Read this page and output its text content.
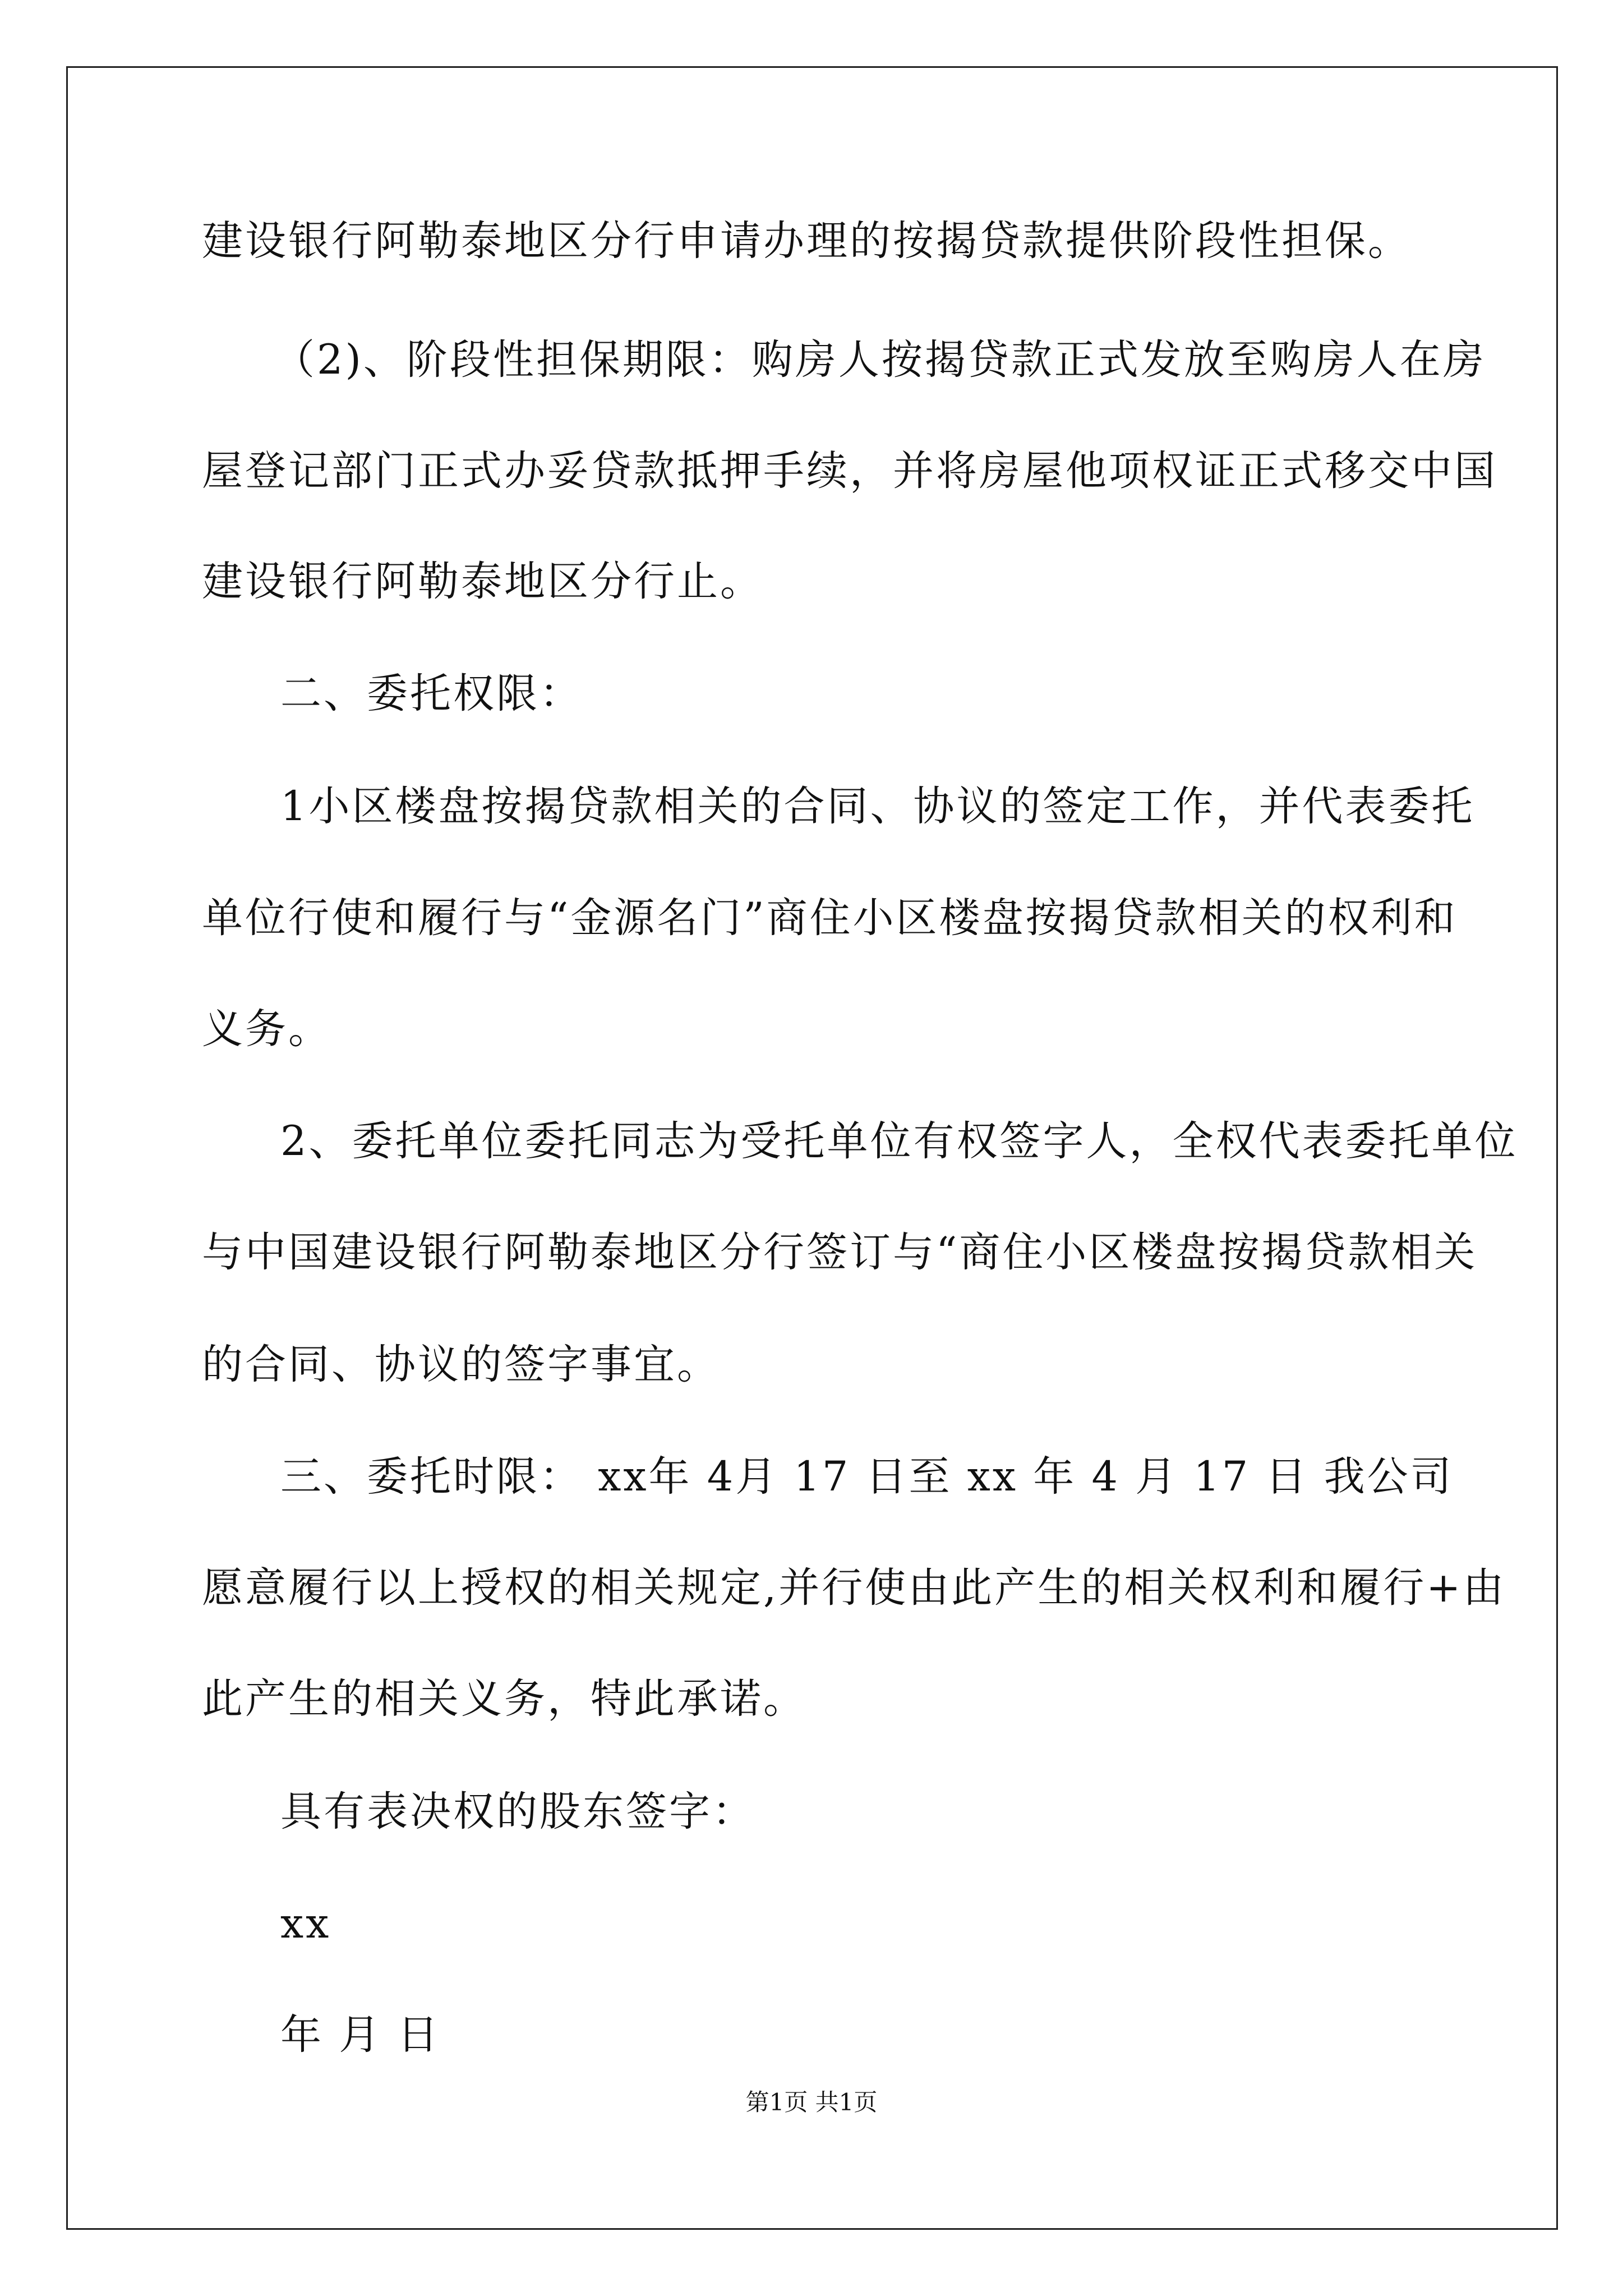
建设银行阿勒泰地区分行申请办理的按揭贷款提供阶段性担保。
（2)、阶段性担保期限：购房人按揭贷款正式发放至购房人在房
屋登记部门正式办妥贷款抵押手续，并将房屋他项权证正式移交中国
建设银行阿勒泰地区分行止。
二、委托权限：
1小区楼盘按揭贷款相关的合同、协议的签定工作，并代表委托
单位行使和履行与“金源名门”商住小区楼盘按揭贷款相关的权利和
义务。
2、委托单位委托同志为受托单位有权签字人，全权代表委托单位
与中国建设银行阿勒泰地区分行签订与“商住小区楼盘按揭贷款相关
的合同、协议的签字事宜。
三、委托时限： xx年 4月 17 日至 xx 年 4 月 17 日 我公司
愿意履行以上授权的相关规定,并行使由此产生的相关权利和履行+由
此产生的相关义务，特此承诺。
具有表决权的股东签字：
xx
年 月 日
第1页 共1页
